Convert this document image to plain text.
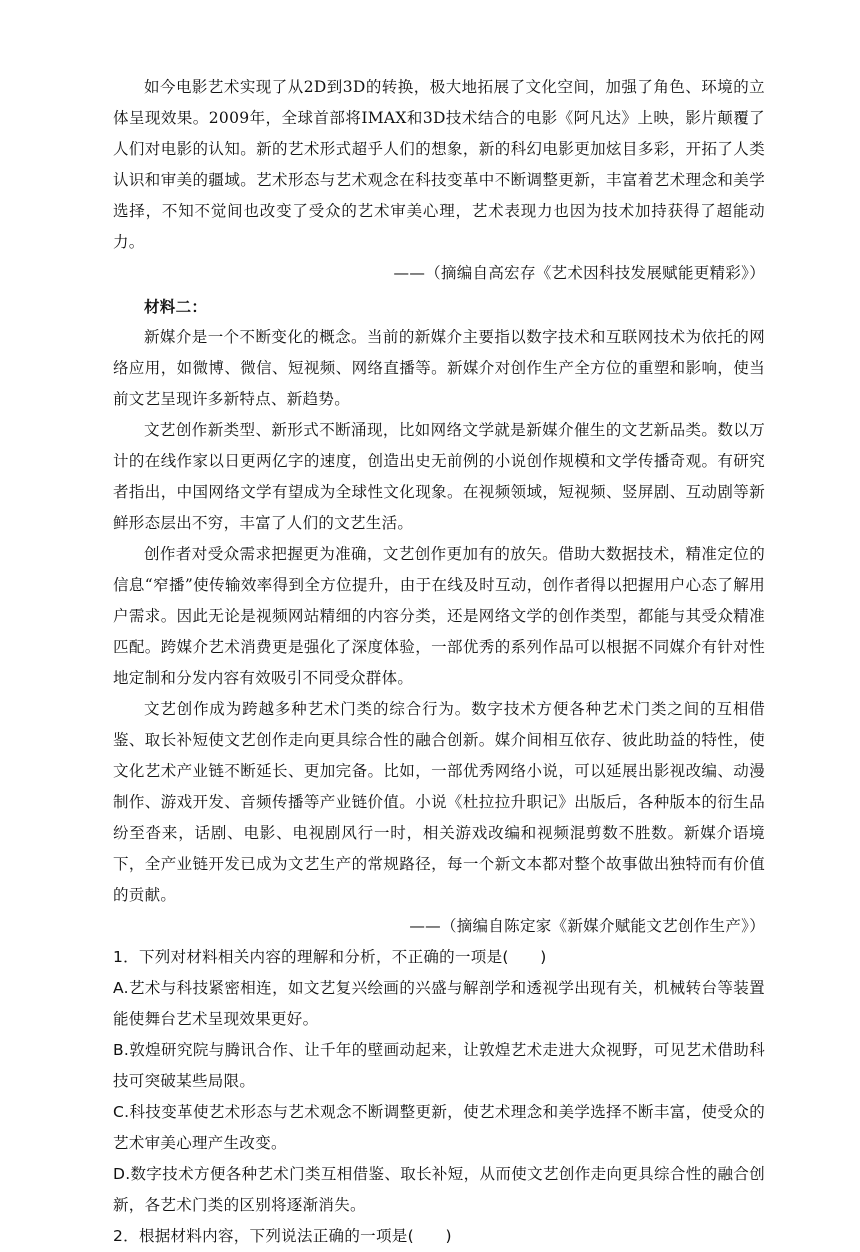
如今电影艺术实现了从2D到3D的转换，极大地拓展了文化空间，加强了角色、环境的立体呈现效果。2009年，全球首部将IMAX和3D技术结合的电影《阿凡达》上映，影片颠覆了人们对电影的认知。新的艺术形式超乎人们的想象，新的科幻电影更加炫目多彩，开拓了人类认识和审美的疆域。艺术形态与艺术观念在科技变革中不断调整更新，丰富着艺术理念和美学选择，不知不觉间也改变了受众的艺术审美心理，艺术表现力也因为技术加持获得了超能动力。

——（摘编自高宏存《艺术因科技发展赋能更精彩》）

材料二：

新媒介是一个不断变化的概念。当前的新媒介主要指以数字技术和互联网技术为依托的网络应用，如微博、微信、短视频、网络直播等。新媒介对创作生产全方位的重塑和影响，使当前文艺呈现许多新特点、新趋势。

文艺创作新类型、新形式不断涌现，比如网络文学就是新媒介催生的文艺新品类。数以万计的在线作家以日更两亿字的速度，创造出史无前例的小说创作规模和文学传播奇观。有研究者指出，中国网络文学有望成为全球性文化现象。在视频领域，短视频、竖屏剧、互动剧等新鲜形态层出不穷，丰富了人们的文艺生活。

创作者对受众需求把握更为准确，文艺创作更加有的放矢。借助大数据技术，精准定位的信息“窄播”使传输效率得到全方位提升，由于在线及时互动，创作者得以把握用户心态了解用户需求。因此无论是视频网站精细的内容分类，还是网络文学的创作类型，都能与其受众精准匹配。跨媒介艺术消费更是强化了深度体验，一部优秀的系列作品可以根据不同媒介有针对性地定制和分发内容有效吸引不同受众群体。

文艺创作成为跨越多种艺术门类的综合行为。数字技术方便各种艺术门类之间的互相借鉴、取长补短使文艺创作走向更具综合性的融合创新。媒介间相互依存、彼此助益的特性，使文化艺术产业链不断延长、更加完备。比如，一部优秀网络小说，可以延展出影视改编、动漫制作、游戏开发、音频传播等产业链价值。小说《杜拉拉升职记》出版后，各种版本的衍生品纷至沓来，话剧、电影、电视剧风行一时，相关游戏改编和视频混剪数不胜数。新媒介语境下，全产业链开发已成为文艺生产的常规路径，每一个新文本都对整个故事做出独特而有价值的贡献。

——（摘编自陈定家《新媒介赋能文艺创作生产》）

1．下列对材料相关内容的理解和分析，不正确的一项是(　　)

A.艺术与科技紧密相连，如文艺复兴绘画的兴盛与解剖学和透视学出现有关，机械转台等装置能使舞台艺术呈现效果更好。

B.敦煌研究院与腾讯合作、让千年的壁画动起来，让敦煌艺术走进大众视野，可见艺术借助科技可突破某些局限。

C.科技变革使艺术形态与艺术观念不断调整更新，使艺术理念和美学选择不断丰富，使受众的艺术审美心理产生改变。

D.数字技术方便各种艺术门类互相借鉴、取长补短，从而使文艺创作走向更具综合性的融合创新，各艺术门类的区别将逐渐消失。

2．根据材料内容，下列说法正确的一项是(　　)
